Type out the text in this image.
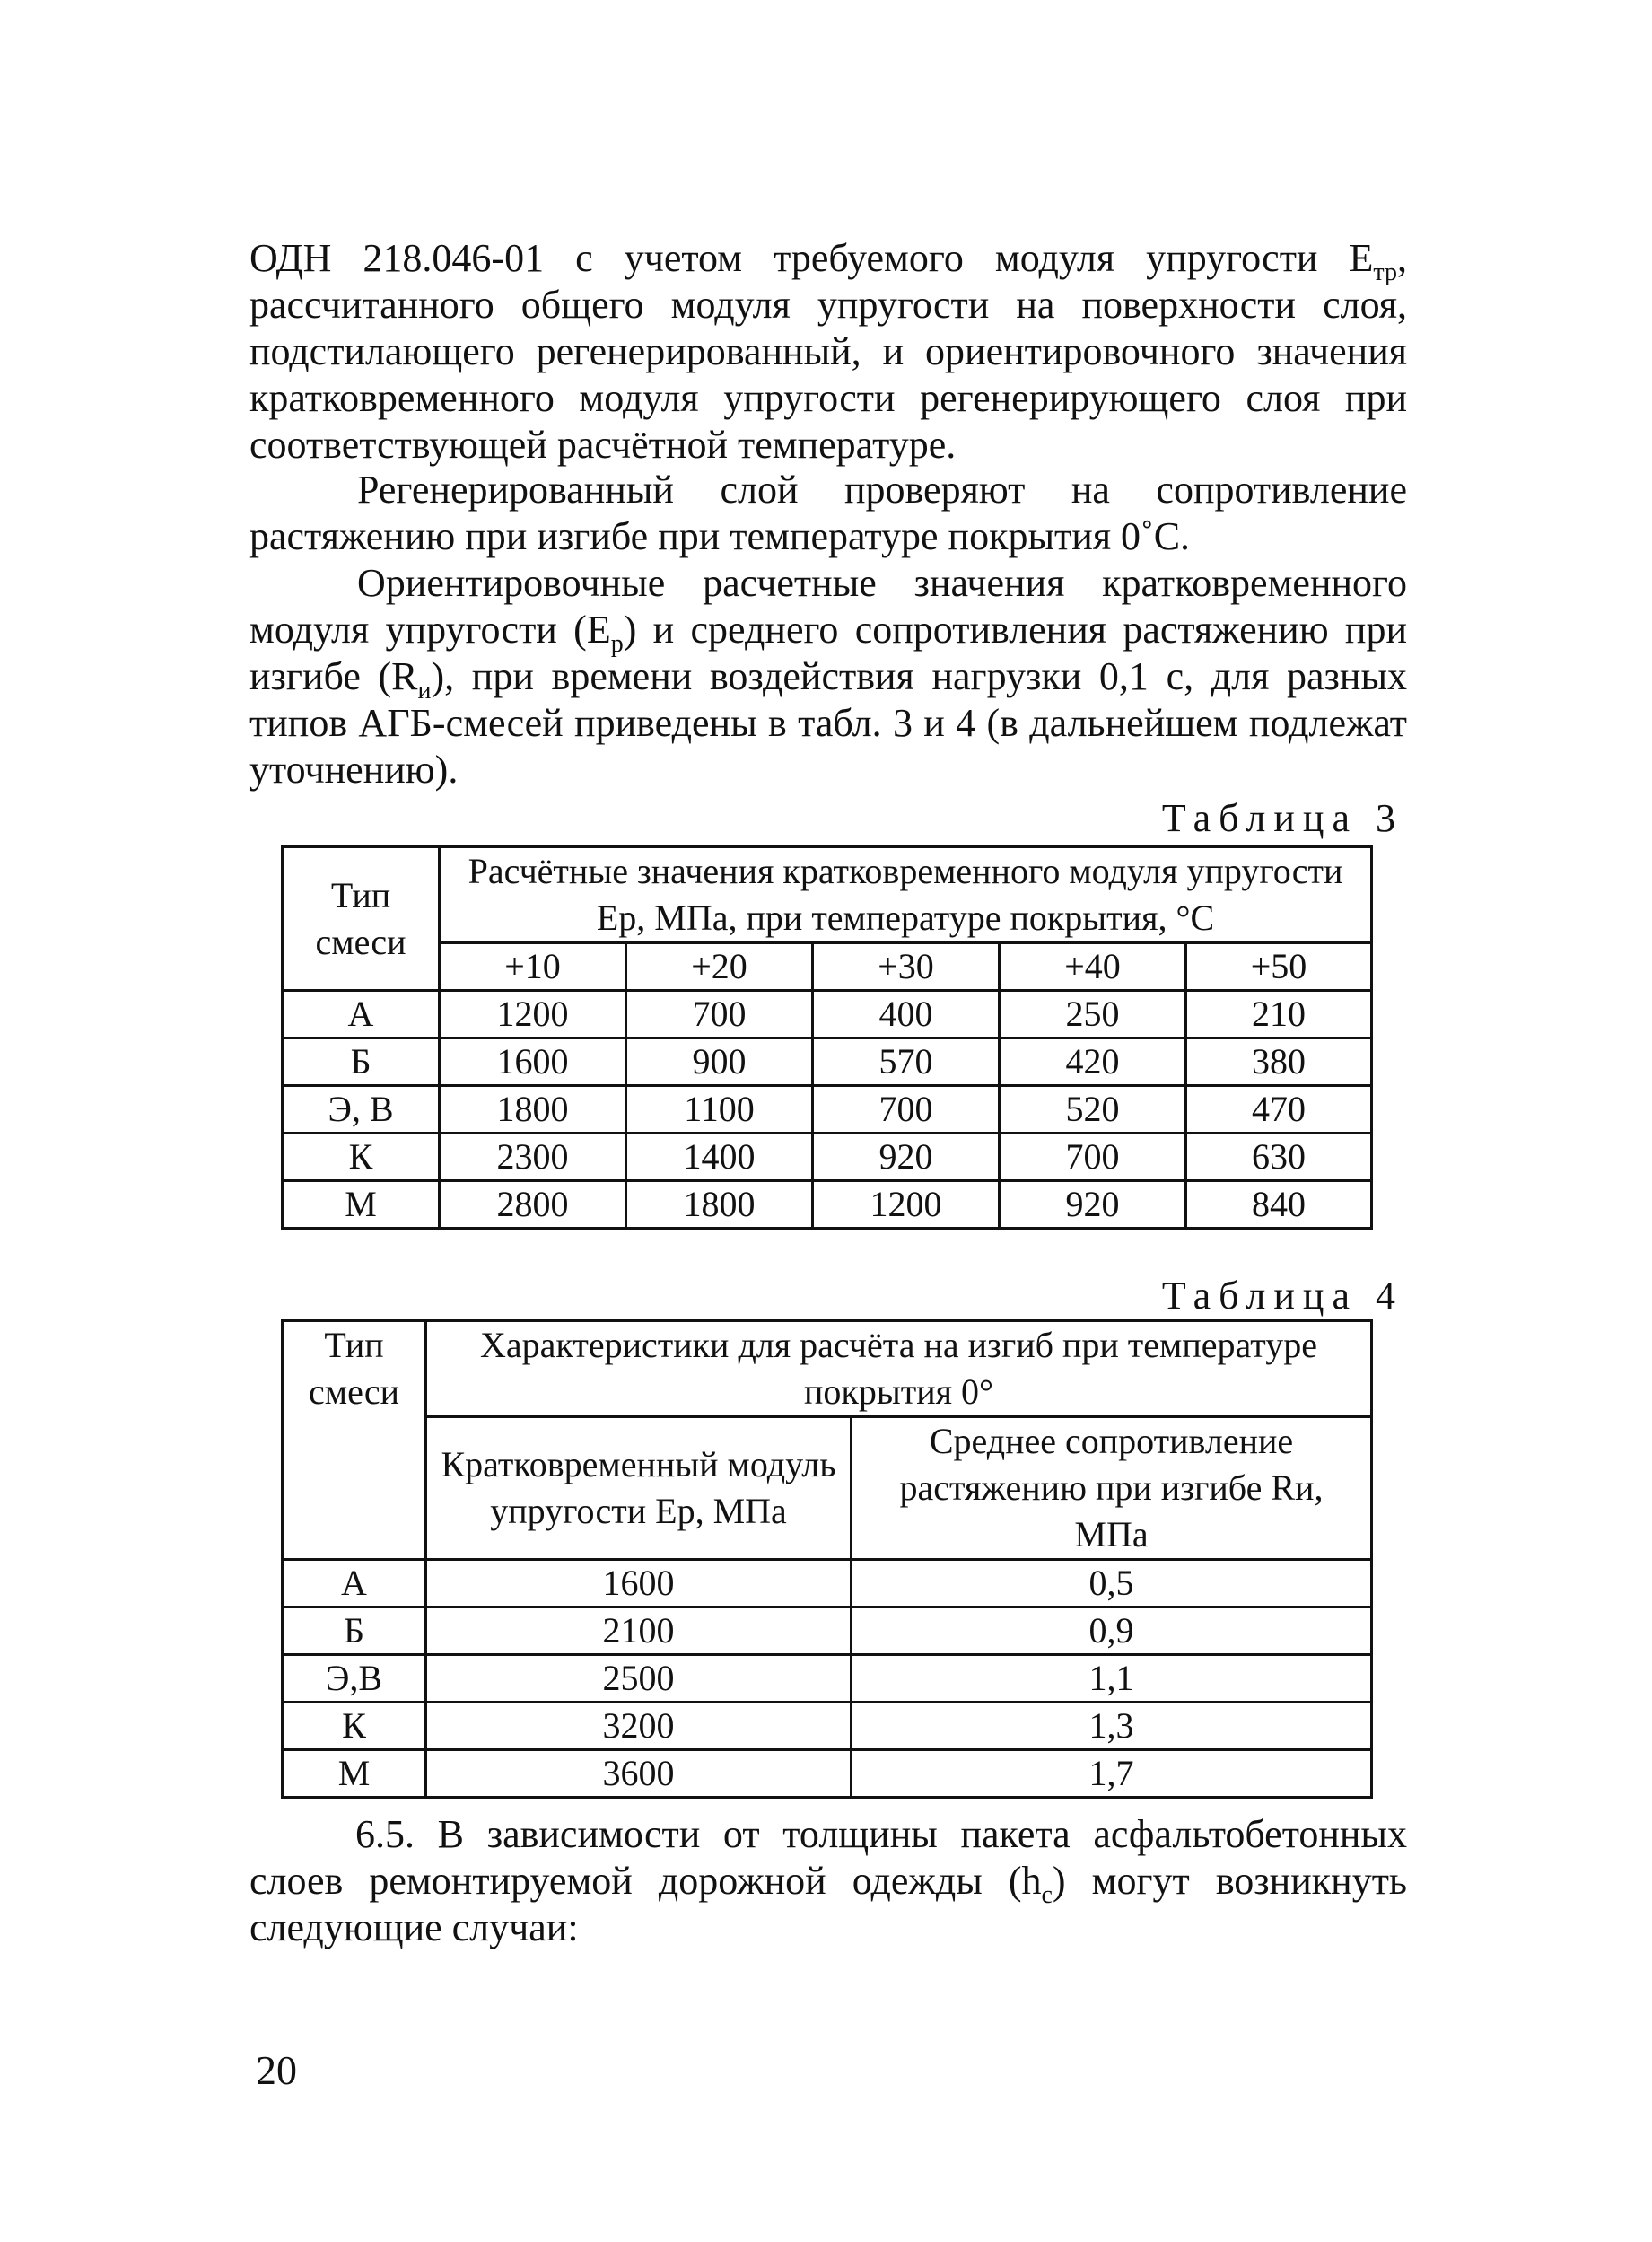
ОДН 218.046-01 с учетом требуемого модуля упругости $E_{тр}$, рассчитанного общего модуля упругости на поверхности слоя, подстилающего регенерированный, и ориентировочного значения кратковременного модуля упругости регенерирующего слоя при соответствующей расчётной температуре.

Регенерированный слой проверяют на сопротивление растяжению при изгибе при температуре покрытия 0˚С.

Ориентировочные расчетные значения кратковременного модуля упругости $(E_р)$ и среднего сопротивления растяжению при изгибе $(R_и)$, при времени воздействия нагрузки 0,1 с, для разных типов АГБ-смесей приведены в табл. 3 и 4 (в дальнейшем подлежат уточнению).

Таблица 3

Тип смеси	Расчётные значения кратковременного модуля упругости Eр, МПа, при температуре покрытия, °С				
	+10	+20	+30	+40	+50
А	1200	700	400	250	210
Б	1600	900	570	420	380
Э, В	1800	1100	700	520	470
К	2300	1400	920	700	630
М	2800	1800	1200	920	840

Таблица 4

Тип смеси	Характеристики для расчёта на изгиб при температуре покрытия 0°	
	Кратковременный модуль упругости Ep, МПа	Среднее сопротивление растяжению при изгибе Rи, МПа
А	1600	0,5
Б	2100	0,9
Э,В	2500	1,1
К	3200	1,3
М	3600	1,7

6.5. В зависимости от толщины пакета асфальтобетонных слоев ремонтируемой дорожной одежды $(h_с)$ могут возникнуть следующие случаи:

20
